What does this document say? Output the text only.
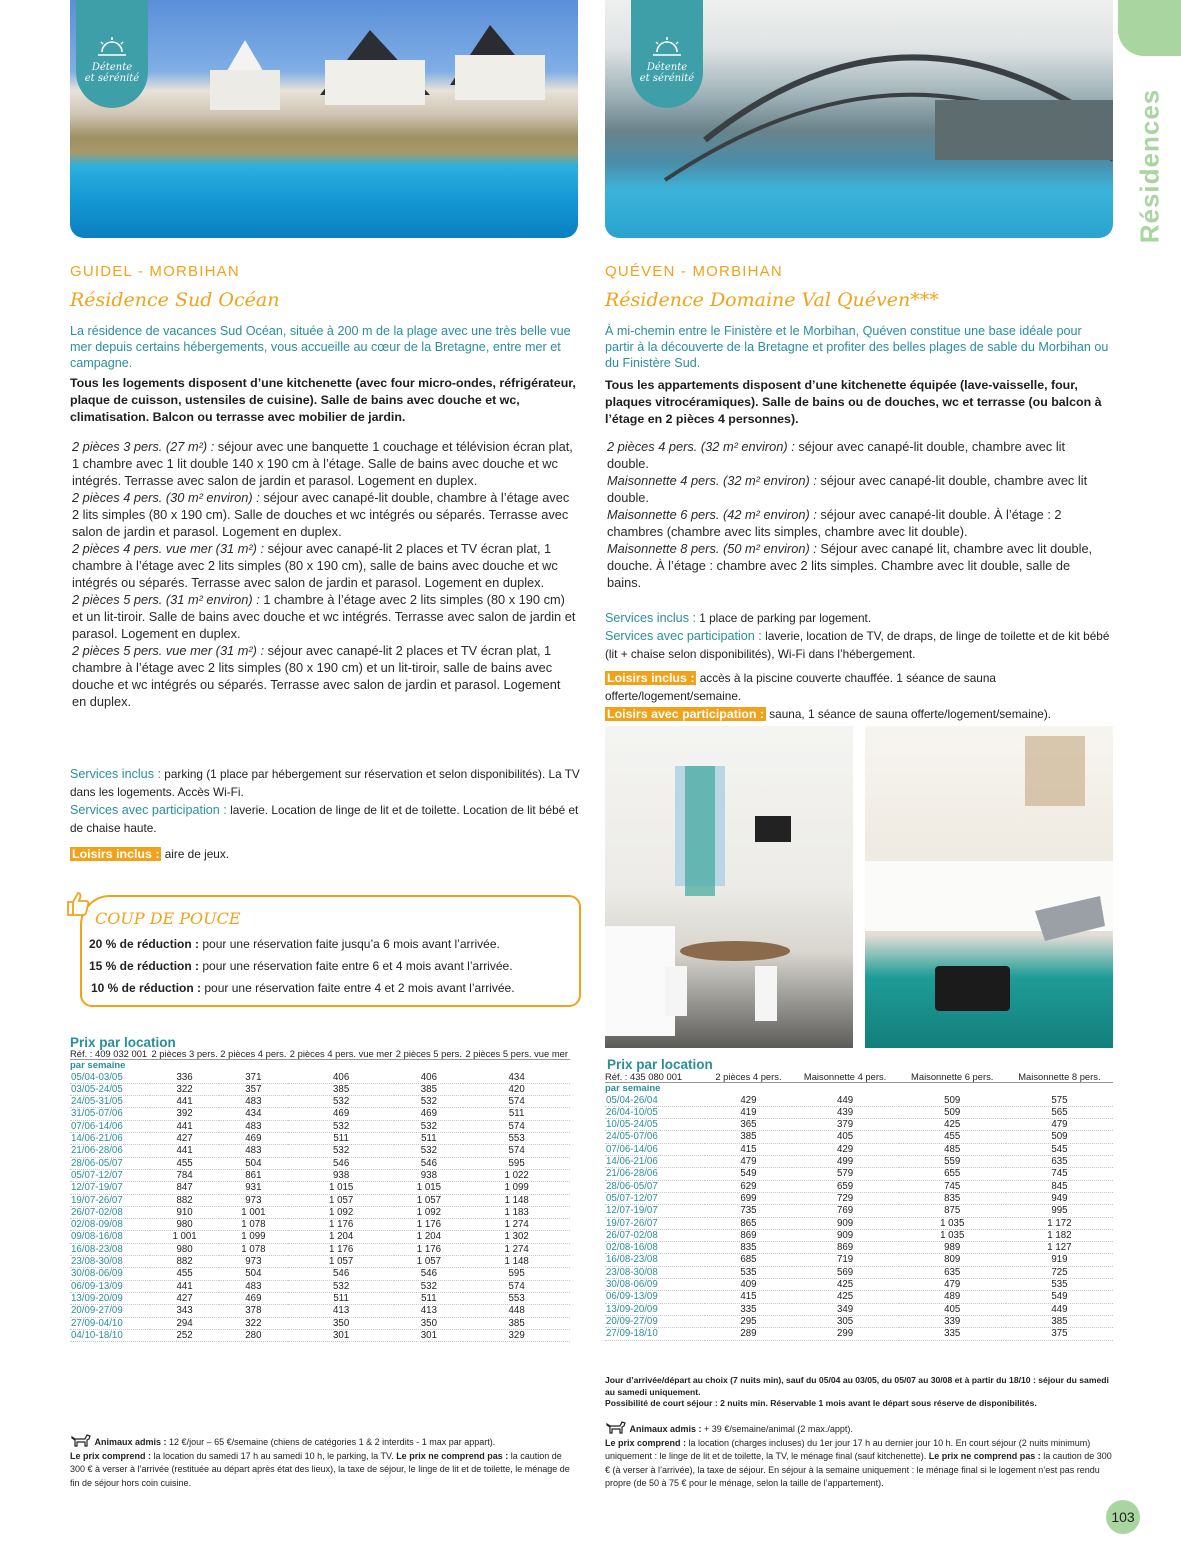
Résidences
Détente
et sérénité
Détente
et sérénité
GUIDEL - MORBIHAN
Résidence Sud Océan
La résidence de vacances Sud Océan, située à 200 m de la plage avec une très belle vue mer depuis certains hébergements, vous accueille au cœur de la Bretagne, entre mer et campagne.
Tous les logements disposent d’une kitchenette (avec four micro-ondes, réfrigérateur, plaque de cuisson, ustensiles de cuisine). Salle de bains avec douche et wc, climatisation. Balcon ou terrasse avec mobilier de jardin.
2 pièces 3 pers. (27 m²) : séjour avec une banquette 1 couchage et télévision écran plat, 1 chambre avec 1 lit double 140 x 190 cm à l’étage. Salle de bains avec douche et wc intégrés. Terrasse avec salon de jardin et parasol. Logement en duplex.
2 pièces 4 pers. (30 m² environ) : séjour avec canapé-lit double, chambre à l’étage avec 2 lits simples (80 x 190 cm). Salle de douches et wc intégrés ou séparés. Terrasse avec salon de jardin et parasol. Logement en duplex.
2 pièces 4 pers. vue mer (31 m²) : séjour avec canapé-lit 2 places et TV écran plat, 1 chambre à l’étage avec 2 lits simples (80 x 190 cm), salle de bains avec douche et wc intégrés ou séparés. Terrasse avec salon de jardin et parasol. Logement en duplex.
2 pièces 5 pers. (31 m² environ) : 1 chambre à l’étage avec 2 lits simples (80 x 190 cm) et un lit-tiroir. Salle de bains avec douche et wc intégrés. Terrasse avec salon de jardin et parasol. Logement en duplex.
2 pièces 5 pers. vue mer (31 m²) : séjour avec canapé-lit 2 places et TV écran plat, 1 chambre à l’étage avec 2 lits simples (80 x 190 cm) et un lit-tiroir, salle de bains avec douche et wc intégrés ou séparés. Terrasse avec salon de jardin et parasol. Logement en duplex.
Services inclus : parking (1 place par hébergement sur réservation et selon disponibilités). La TV dans les logements. Accès Wi-Fi.
Services avec participation : laverie. Location de linge de lit et de toilette. Location de lit bébé et de chaise haute.
Loisirs inclus : aire de jeux.
COUP DE POUCE
20 % de réduction : pour une réservation faite jusqu’a 6 mois avant l’arrivée.
15 % de réduction : pour une réservation faite entre 6 et 4 mois avant l’arrivée.
10 % de réduction : pour une réservation faite entre 4 et 2 mois avant l’arrivée.
Prix par location
Réf. : 409 032 001	2 pièces 3 pers.	2 pièces 4 pers.	2 pièces 4 pers. vue mer	2 pièces 5 pers.	2 pièces 5 pers. vue mer
par semaine					
05/04-03/05	336	371	406	406	434
03/05-24/05	322	357	385	385	420
24/05-31/05	441	483	532	532	574
31/05-07/06	392	434	469	469	511
07/06-14/06	441	483	532	532	574
14/06-21/06	427	469	511	511	553
21/06-28/06	441	483	532	532	574
28/06-05/07	455	504	546	546	595
05/07-12/07	784	861	938	938	1 022
12/07-19/07	847	931	1 015	1 015	1 099
19/07-26/07	882	973	1 057	1 057	1 148
26/07-02/08	910	1 001	1 092	1 092	1 183
02/08-09/08	980	1 078	1 176	1 176	1 274
09/08-16/08	1 001	1 099	1 204	1 204	1 302
16/08-23/08	980	1 078	1 176	1 176	1 274
23/08-30/08	882	973	1 057	1 057	1 148
30/08-06/09	455	504	546	546	595
06/09-13/09	441	483	532	532	574
13/09-20/09	427	469	511	511	553
20/09-27/09	343	378	413	413	448
27/09-04/10	294	322	350	350	385
04/10-18/10	252	280	301	301	329
Animaux admis : 12 €/jour – 65 €/semaine (chiens de catégories 1 & 2 interdits - 1 max par appart).
Le prix comprend : la location du samedi 17 h au samedi 10 h, le parking, la TV. Le prix ne comprend pas : la caution de 300 € à verser à l’arrivée (restituée au départ après état des lieux), la taxe de séjour, le linge de lit et de toilette, le ménage de fin de séjour hors coin cuisine.
QUÉVEN - MORBIHAN
Résidence Domaine Val Quéven***
À mi-chemin entre le Finistère et le Morbihan, Quéven constitue une base idéale pour partir à la découverte de la Bretagne et profiter des belles plages de sable du Morbihan ou du Finistère Sud.
Tous les appartements disposent d’une kitchenette équipée (lave-vaisselle, four, plaques vitrocéramiques). Salle de bains ou de douches, wc et terrasse (ou balcon à l’étage en 2 pièces 4 personnes).
2 pièces 4 pers. (32 m² environ) : séjour avec canapé-lit double, chambre avec lit double.
Maisonnette 4 pers. (32 m² environ) : séjour avec canapé-lit double, chambre avec lit double.
Maisonnette 6 pers. (42 m² environ) : séjour avec canapé-lit double. À l’étage : 2 chambres (chambre avec lits simples, chambre avec lit double).
Maisonnette 8 pers. (50 m² environ) : Séjour avec canapé lit, chambre avec lit double, douche. À l’étage : chambre avec 2 lits simples. Chambre avec lit double, salle de bains.
Services inclus : 1 place de parking par logement.
Services avec participation : laverie, location de TV, de draps, de linge de toilette et de kit bébé (lit + chaise selon disponibilités), Wi-Fi dans l’hébergement.
Loisirs inclus : accès à la piscine couverte chauffée. 1 séance de sauna offerte/logement/semaine.
Loisirs avec participation : sauna, 1 séance de sauna offerte/logement/semaine).
Prix par location
Réf. : 435 080 001	2 pièces 4 pers.	Maisonnette 4 pers.	Maisonnette 6 pers.	Maisonnette 8 pers.
par semaine				
05/04-26/04	429	449	509	575
26/04-10/05	419	439	509	565
10/05-24/05	365	379	425	479
24/05-07/06	385	405	455	509
07/06-14/06	415	429	485	545
14/06-21/06	479	499	559	635
21/06-28/06	549	579	655	745
28/06-05/07	629	659	745	845
05/07-12/07	699	729	835	949
12/07-19/07	735	769	875	995
19/07-26/07	865	909	1 035	1 172
26/07-02/08	869	909	1 035	1 182
02/08-16/08	835	869	989	1 127
16/08-23/08	685	719	809	919
23/08-30/08	535	569	635	725
30/08-06/09	409	425	479	535
06/09-13/09	415	425	489	549
13/09-20/09	335	349	405	449
20/09-27/09	295	305	339	385
27/09-18/10	289	299	335	375
Jour d’arrivée/départ au choix (7 nuits min), sauf du 05/04 au 03/05, du 05/07 au 30/08 et à partir du 18/10 : séjour du samedi au samedi uniquement.
Possibilité de court séjour : 2 nuits min. Réservable 1 mois avant le départ sous réserve de disponibilités.
Animaux admis : + 39 €/semaine/animal (2 max./appt).
Le prix comprend : la location (charges incluses) du 1er jour 17 h au dernier jour 10 h. En court séjour (2 nuits minimum) uniquement : le linge de lit et de toilette, la TV, le ménage final (sauf kitchenette). Le prix ne comprend pas : la caution de 300 € (à verser à l’arrivée), la taxe de séjour. En séjour à la semaine uniquement : le ménage final si le logement n’est pas rendu propre (de 50 à 75 € pour le ménage, selon la taille de l’appartement).
103
